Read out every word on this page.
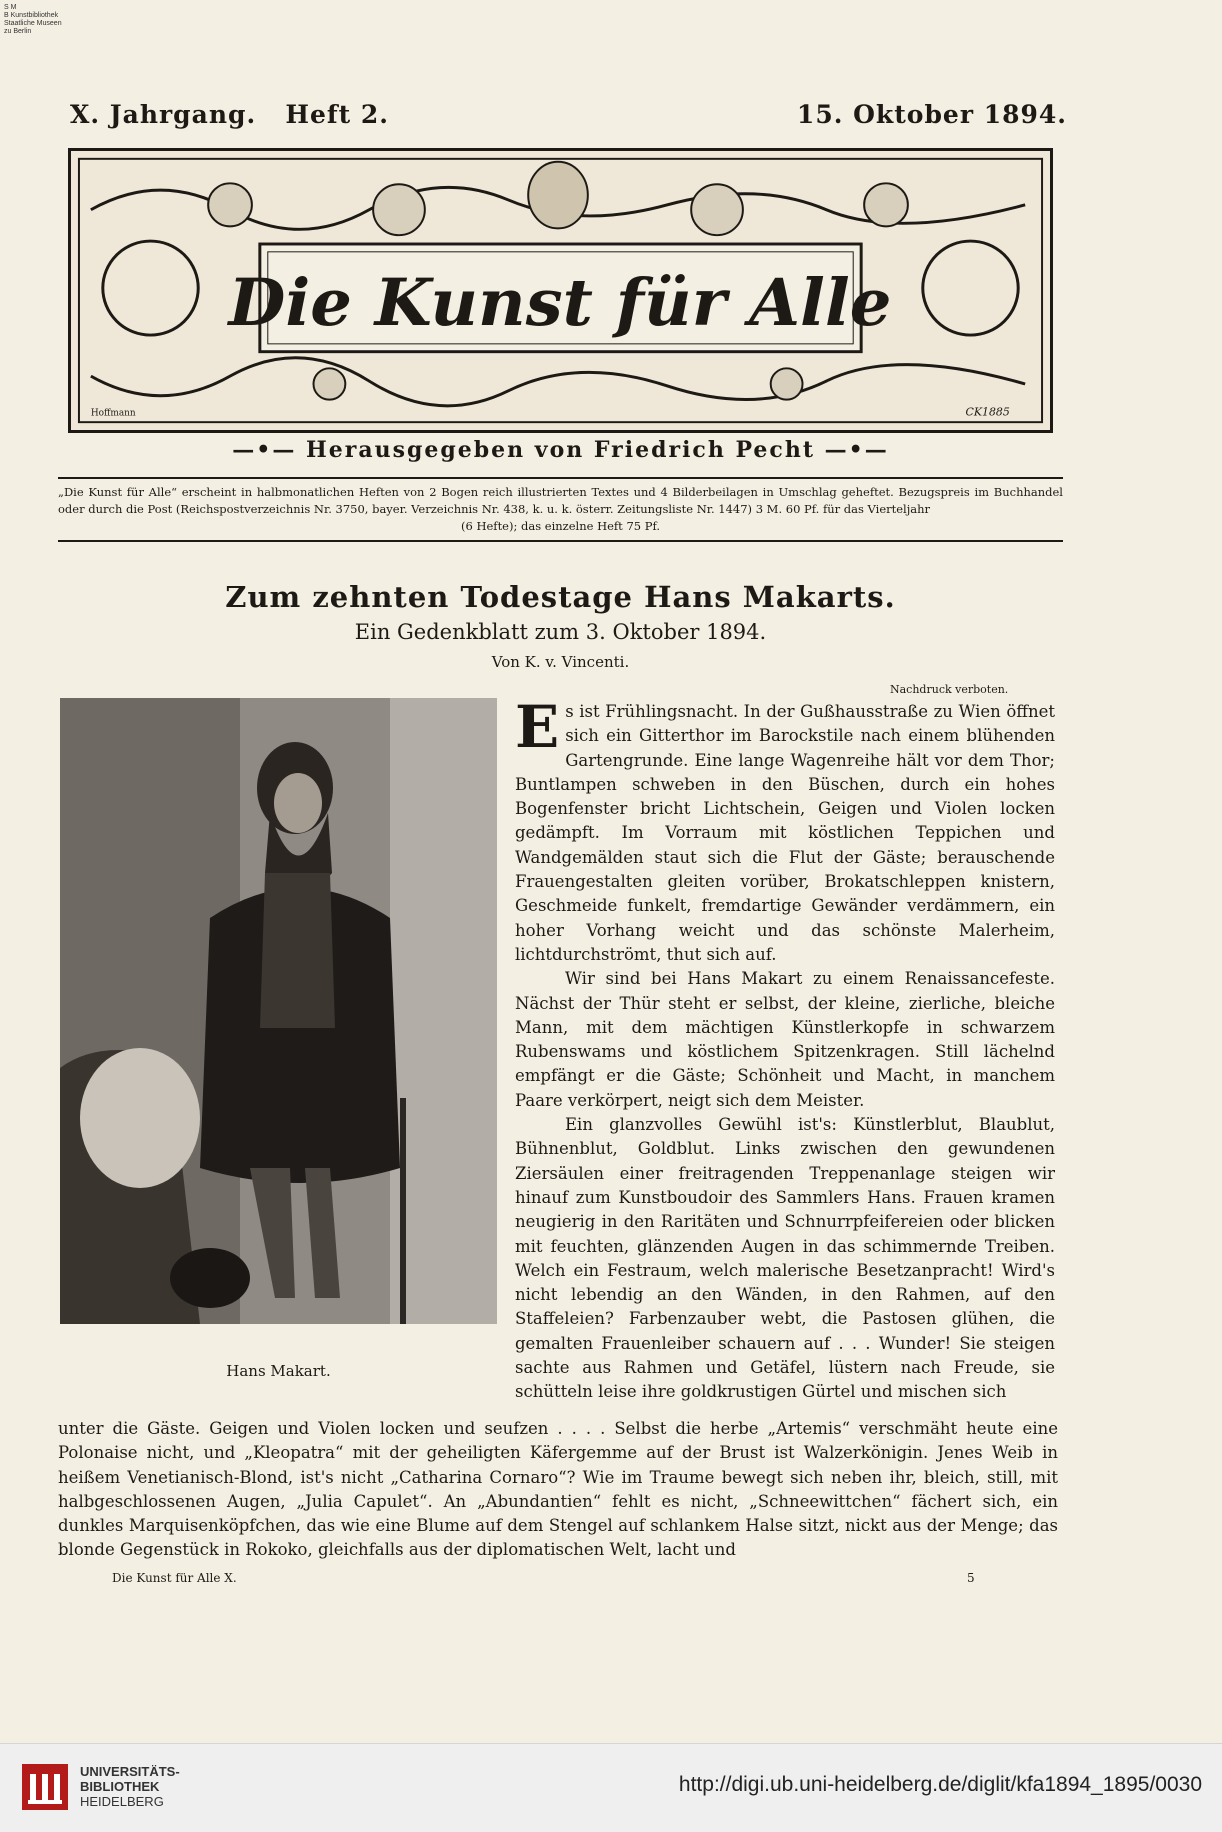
S M
B Kunstbibliothek
Staatliche Museen
zu Berlin
X. Jahrgang. Heft 2.	15. Oktober 1894.
Die Kunst für Alle
Hoffmann	CK1885
—•— Herausgegeben von Friedrich Pecht —•—
„Die Kunst für Alle“ erscheint in halbmonatlichen Heften von 2 Bogen reich illustrierten Textes und 4 Bilderbeilagen in Umschlag geheftet. Bezugspreis im Buchhandel oder durch die Post (Reichspostverzeichnis Nr. 3750, bayer. Verzeichnis Nr. 438, k. u. k. österr. Zeitungsliste Nr. 1447) 3 M. 60 Pf. für das Vierteljahr

(6 Hefte); das einzelne Heft 75 Pf.

Zum zehnten Todestage Hans Makarts.
Ein Gedenkblatt zum 3. Oktober 1894.
Von K. v. Vincenti.
Hans Makart.
Nachdruck verboten.

Es ist Frühlingsnacht. In der Gußhausstraße zu Wien öffnet sich ein Gitterthor im Barockstile nach einem blühenden Gartengrunde. Eine lange Wagenreihe hält vor dem Thor; Buntlampen schweben in den Büschen, durch ein hohes Bogenfenster bricht Lichtschein, Geigen und Violen locken gedämpft. Im Vorraum mit köstlichen Teppichen und Wandgemälden staut sich die Flut der Gäste; berauschende Frauengestalten gleiten vorüber, Brokatschleppen knistern, Geschmeide funkelt, fremdartige Gewänder verdämmern, ein hoher Vorhang weicht und das schönste Malerheim, lichtdurchströmt, thut sich auf.

Wir sind bei Hans Makart zu einem Renaissancefeste. Nächst der Thür steht er selbst, der kleine, zierliche, bleiche Mann, mit dem mächtigen Künstlerkopfe in schwarzem Rubenswams und köstlichem Spitzenkragen. Still lächelnd empfängt er die Gäste; Schönheit und Macht, in manchem Paare verkörpert, neigt sich dem Meister.

Ein glanzvolles Gewühl ist's: Künstlerblut, Blaublut, Bühnenblut, Goldblut. Links zwischen den gewundenen Ziersäulen einer freitragenden Treppenanlage steigen wir hinauf zum Kunstboudoir des Sammlers Hans. Frauen kramen neugierig in den Raritäten und Schnurrpfeifereien oder blicken mit feuchten, glänzenden Augen in das schimmernde Treiben. Welch ein Festraum, welch malerische Besetzanpracht! Wird's nicht lebendig an den Wänden, in den Rahmen, auf den Staffeleien? Farbenzauber webt, die Pastosen glühen, die gemalten Frauenleiber schauern auf . . . Wunder! Sie steigen sachte aus Rahmen und Getäfel, lüstern nach Freude, sie schütteln leise ihre goldkrustigen Gürtel und mischen sich

unter die Gäste. Geigen und Violen locken und seufzen . . . . Selbst die herbe „Artemis“ verschmäht heute eine Polonaise nicht, und „Kleopatra“ mit der geheiligten Käfergemme auf der Brust ist Walzerkönigin. Jenes Weib in heißem Venetianisch-Blond, ist's nicht „Catharina Cornaro“? Wie im Traume bewegt sich neben ihr, bleich, still, mit halbgeschlossenen Augen, „Julia Capulet“. An „Abundantien“ fehlt es nicht, „Schneewittchen“ fächert sich, ein dunkles Marquisenköpfchen, das wie eine Blume auf dem Stengel auf schlankem Halse sitzt, nickt aus der Menge; das blonde Gegenstück in Rokoko, gleichfalls aus der diplomatischen Welt, lacht und

Die Kunst für Alle X.	5
UNIVERSITÄTS-
BIBLIOTHEK
HEIDELBERG
http://digi.ub.uni-heidelberg.de/diglit/kfa1894_1895/0030
